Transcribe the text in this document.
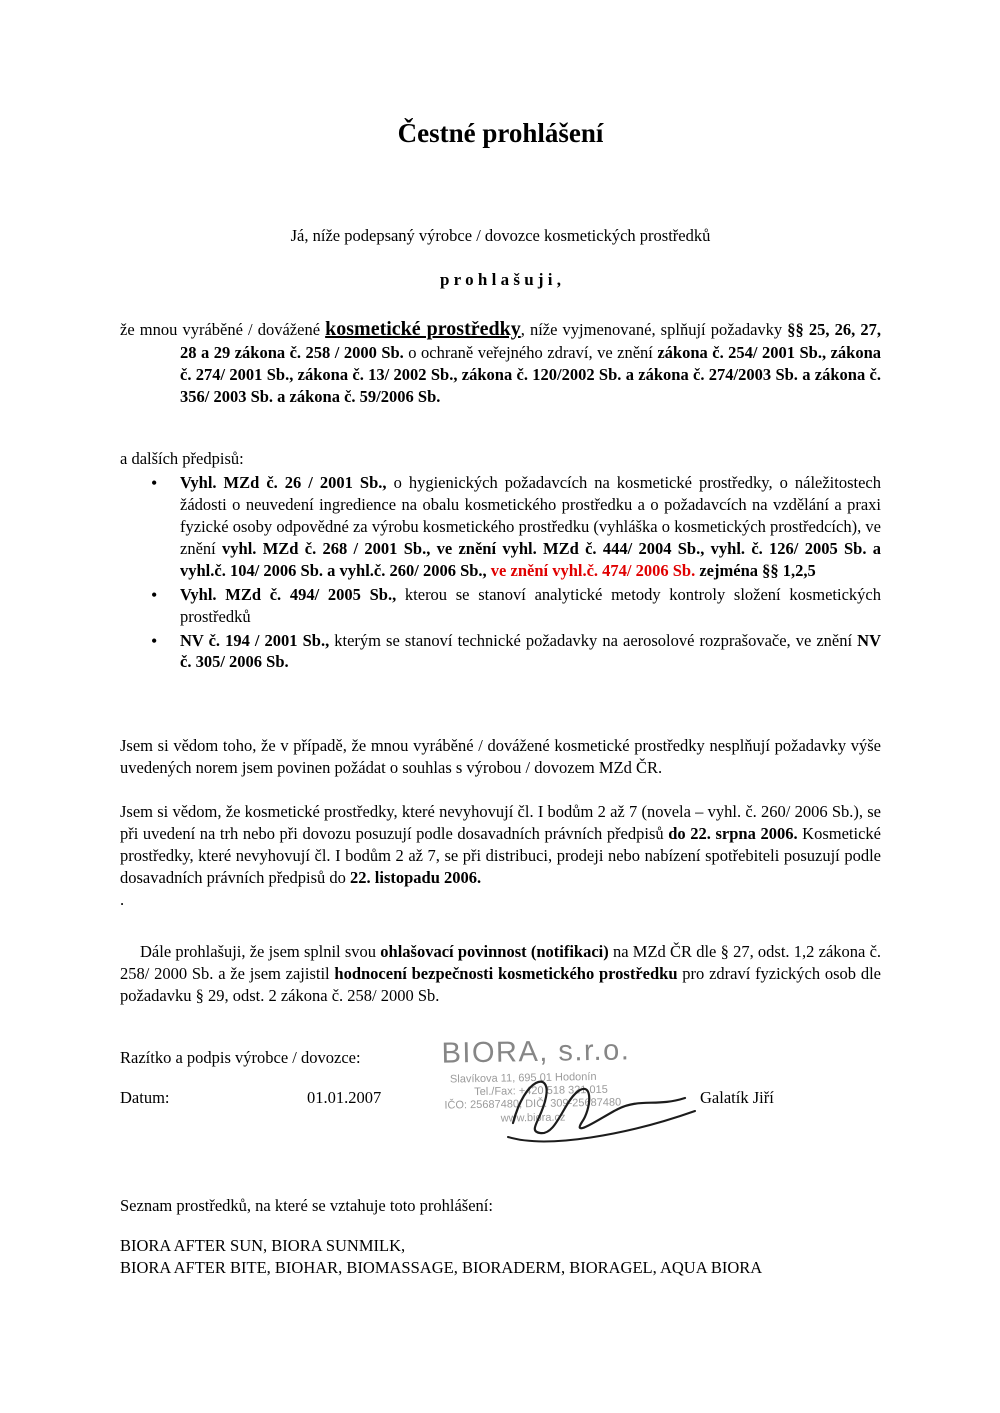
Čestné prohlášení

Já, níže podepsaný výrobce / dovozce kosmetických prostředků

p r o h l a š u j i ,

že mnou vyráběné / dovážené kosmetické prostředky, níže vyjmenované, splňují požadavky §§ 25, 26, 27, 28 a 29 zákona č. 258 / 2000 Sb. o ochraně veřejného zdraví, ve znění zákona č. 254/ 2001 Sb., zákona č. 274/ 2001 Sb., zákona č. 13/ 2002 Sb., zákona č. 120/2002 Sb. a zákona č. 274/2003 Sb. a zákona č. 356/ 2003 Sb. a zákona č. 59/2006 Sb.

a dalších předpisů:

• Vyhl. MZd č. 26 / 2001 Sb., o hygienických požadavcích na kosmetické prostředky, o náležitostech žádosti o neuvedení ingredience na obalu kosmetického prostředku a o požadavcích na vzdělání a praxi fyzické osoby odpovědné za výrobu kosmetického prostředku (vyhláška o kosmetických prostředcích), ve znění vyhl. MZd č. 268 / 2001 Sb., ve znění vyhl. MZd č. 444/ 2004 Sb., vyhl. č. 126/ 2005 Sb. a vyhl.č. 104/ 2006 Sb. a vyhl.č. 260/ 2006 Sb., ve znění vyhl.č. 474/ 2006 Sb. zejména §§ 1,2,5
• Vyhl. MZd č. 494/ 2005 Sb., kterou se stanoví analytické metody kontroly složení kosmetických prostředků
• NV č. 194 / 2001 Sb., kterým se stanoví technické požadavky na aerosolové rozprašovače, ve znění NV č. 305/ 2006 Sb.

Jsem si vědom toho, že v případě, že mnou vyráběné / dovážené kosmetické prostředky nesplňují požadavky výše uvedených norem jsem povinen požádat o souhlas s výrobou / dovozem MZd ČR.

Jsem si vědom, že kosmetické prostředky, které nevyhovují čl. I bodům 2 až 7 (novela – vyhl. č. 260/ 2006 Sb.), se při uvedení na trh nebo při dovozu posuzují podle dosavadních právních předpisů do 22. srpna 2006. Kosmetické prostředky, které nevyhovují čl. I bodům 2 až 7, se při distribuci, prodeji nebo nabízení spotřebiteli posuzují podle dosavadních právních předpisů do 22. listopadu 2006.

.

Dále prohlašuji, že jsem splnil svou ohlašovací povinnost (notifikaci) na MZd ČR dle § 27, odst. 1,2 zákona č. 258/ 2000 Sb. a že jsem zajistil hodnocení bezpečnosti kosmetického prostředku pro zdraví fyzických osob dle požadavku § 29, odst. 2 zákona č. 258/ 2000 Sb.

Razítko a podpis výrobce / dovozce:	BIORA, s.r.o.
Slavíkova 11, 695 01 Hodonín
Tel./Fax: +420 518 321 015
IČO: 25687480, DIČ: 309-25687480
www.biora.cz
Datum:	01.01.2007	Galatík Jiří

Seznam prostředků, na které se vztahuje toto prohlášení:

BIORA AFTER SUN, BIORA SUNMILK,

BIORA AFTER BITE, BIOHAR, BIOMASSAGE, BIORADERM, BIORAGEL, AQUA BIORA
